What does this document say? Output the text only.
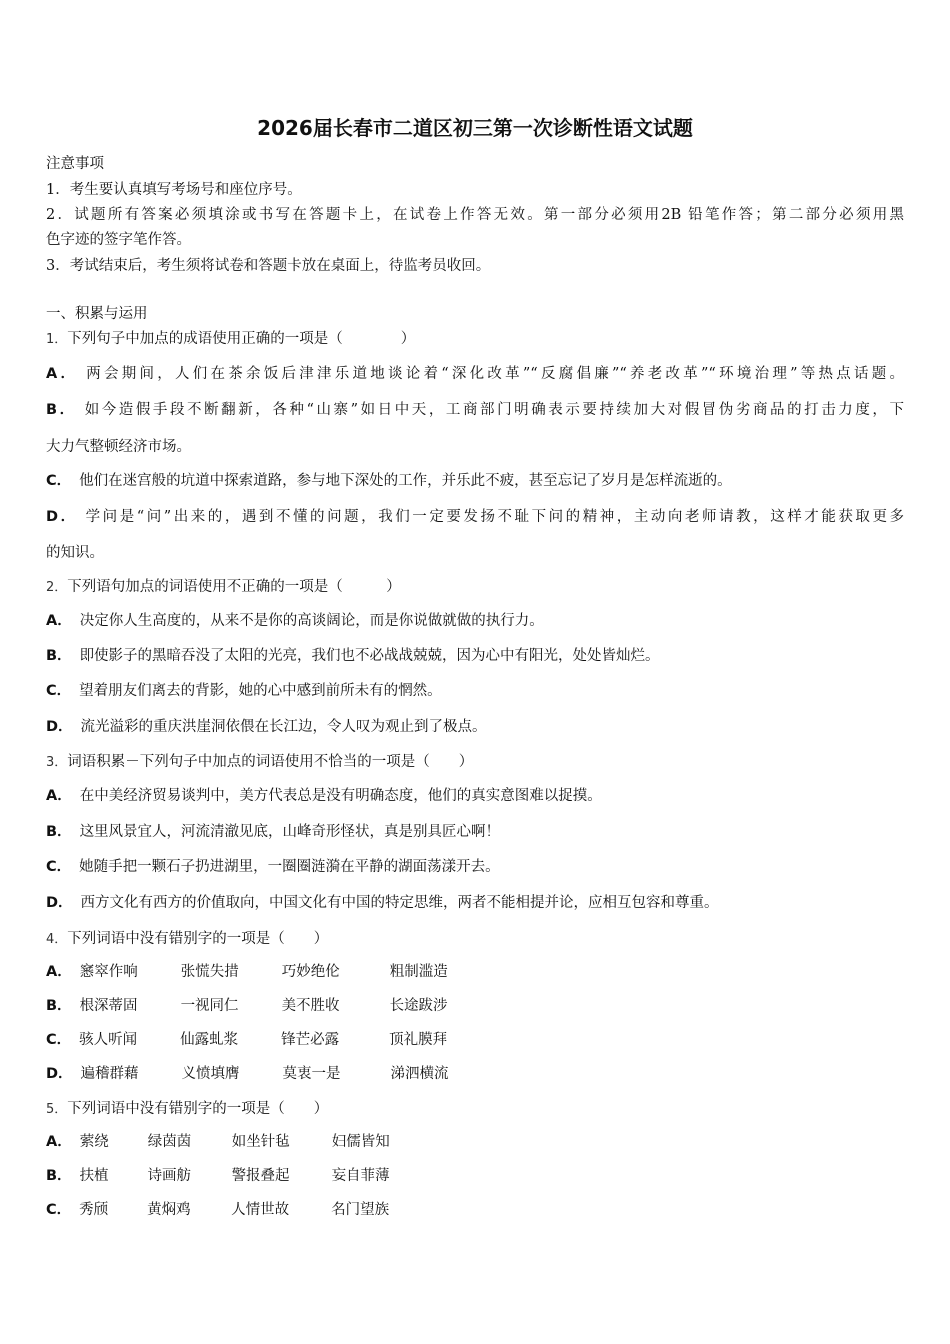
2026届长春市二道区初三第一次诊断性语文试题
注意事项
1．考生要认真填写考场号和座位序号。
2．试题所有答案必须填涂或书写在答题卡上，在试卷上作答无效。第一部分必须用2B 铅笔作答；第二部分必须用黑
色字迹的签字笔作答。
3．考试结束后，考生须将试卷和答题卡放在桌面上，待监考员收回。
一、积累与运用
1．下列句子中加点的成语使用正确的一项是（　　　　）
A． 两会期间，人们在茶余饭后津津乐道地谈论着“深化改革”“反腐倡廉”“养老改革”“环境治理”等热点话题。
B． 如今造假手段不断翻新，各种“山寨”如日中天，工商部门明确表示要持续加大对假冒伪劣商品的打击力度，下
大力气整顿经济市场。
C． 他们在迷宫般的坑道中探索道路，参与地下深处的工作，并乐此不疲，甚至忘记了岁月是怎样流逝的。
D． 学问是“问”出来的，遇到不懂的问题，我们一定要发扬不耻下问的精神，主动向老师请教，这样才能获取更多
的知识。
2．下列语句加点的词语使用不正确的一项是（　　　）
A． 决定你人生高度的，从来不是你的高谈阔论，而是你说做就做的执行力。
B． 即使影子的黑暗吞没了太阳的光亮，我们也不必战战兢兢，因为心中有阳光，处处皆灿烂。
C． 望着朋友们离去的背影，她的心中感到前所未有的惘然。
D． 流光溢彩的重庆洪崖洞依偎在长江边，令人叹为观止到了极点。
3．词语积累－下列句子中加点的词语使用不恰当的一项是（　　）
A． 在中美经济贸易谈判中，美方代表总是没有明确态度，他们的真实意图难以捉摸。
B． 这里风景宜人，河流清澈见底，山峰奇形怪状，真是别具匠心啊！
C． 她随手把一颗石子扔进湖里，一圈圈涟漪在平静的湖面荡漾开去。
D． 西方文化有西方的价值取向，中国文化有中国的特定思维，两者不能相提并论，应相互包容和尊重。
4．下列词语中没有错别字的一项是（　　）
A． 窸窣作响	张慌失措	巧妙绝伦	粗制滥造
B． 根深蒂固	一视同仁	美不胜收	长途跋涉
C． 骇人听闻	仙露虬浆	锋芒必露	顶礼膜拜
D． 遍稽群藉	义愤填膺	莫衷一是	涕泗横流
5．下列词语中没有错别字的一项是（　　）
A． 萦绕	绿茵茵	如坐针毡	妇儒皆知
B． 扶植	诗画舫	警报叠起	妄自菲薄
C． 秀颀	黄焖鸡	人情世故	名门望族
